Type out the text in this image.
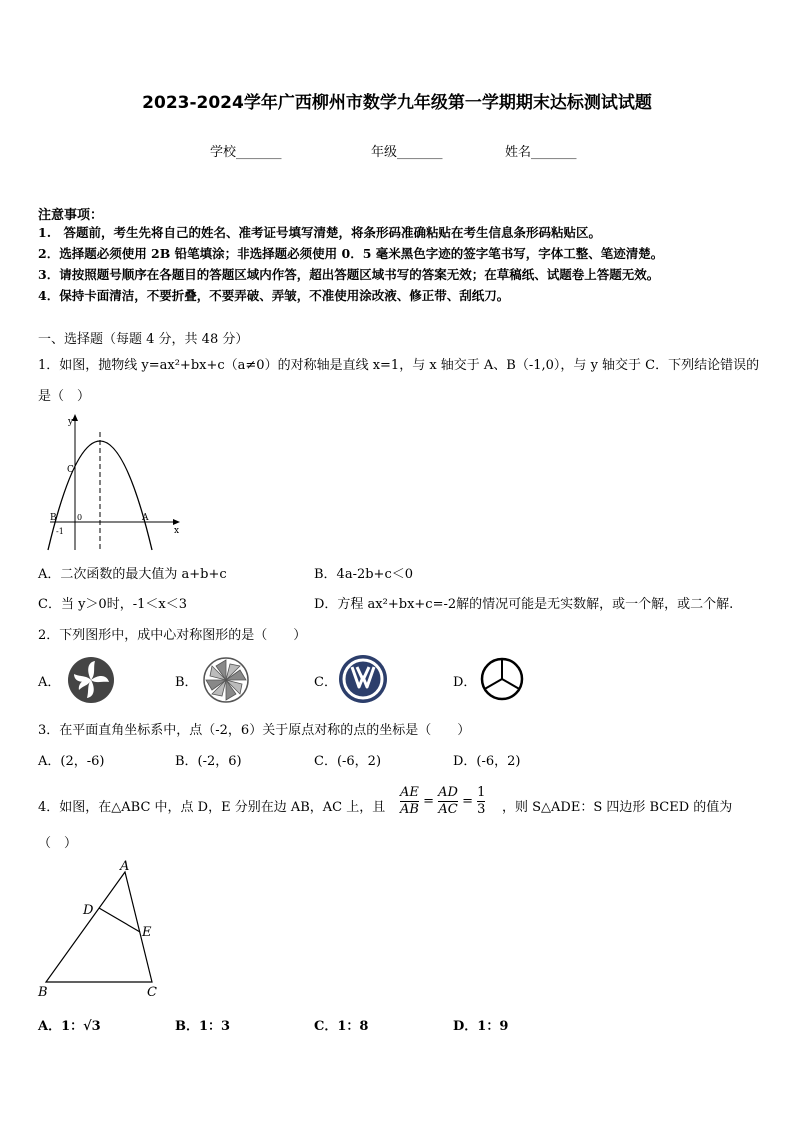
2023-2024学年广西柳州市数学九年级第一学期期末达标测试试题
学校_______	年级_______	姓名_______
注意事项：
1.　答题前，考生先将自己的姓名、准考证号填写清楚，将条形码准确粘贴在考生信息条形码粘贴区。
2．选择题必须使用 2B 铅笔填涂；非选择题必须使用 0．5 毫米黑色字迹的签字笔书写，字体工整、笔迹清楚。
3．请按照题号顺序在各题目的答题区域内作答，超出答题区域书写的答案无效；在草稿纸、试题卷上答题无效。
4．保持卡面清洁，不要折叠，不要弄破、弄皱，不准使用涂改液、修正带、刮纸刀。
一、选择题（每题 4 分，共 48 分）
1．如图，抛物线 y=ax²+bx+c（a≠0）的对称轴是直线 x=1，与 x 轴交于 A、B（-1,0），与 y 轴交于 C．下列结论错误的
是（　）
y
x
C
B	A
0
-1
A．二次函数的最大值为 a+b+c	B．4a-2b+c＜0
C．当 y＞0时，-1＜x＜3	D．方程 ax²+bx+c=-2解的情况可能是无实数解，或一个解，或二个解.
2．下列图形中，成中心对称图形的是（　　）
A．	B．	C．	D．
3．在平面直角坐标系中，点（-2，6）关于原点对称的点的坐标是（　　）
A．(2，-6)	B．(-2，6)	C．(-6，2)	D．(-6，2)
4．如图，在△ABC 中，点 D，E 分别在边 AB，AC 上，且 $\frac{AE}{AB} = \frac{AD}{AC} = \frac{1}{3}$ ，则 S△ADE：S 四边形 BCED 的值为
（　）
A
B	C
D
E
A．1：√3	B．1：3	C．1：8	D．1：9
